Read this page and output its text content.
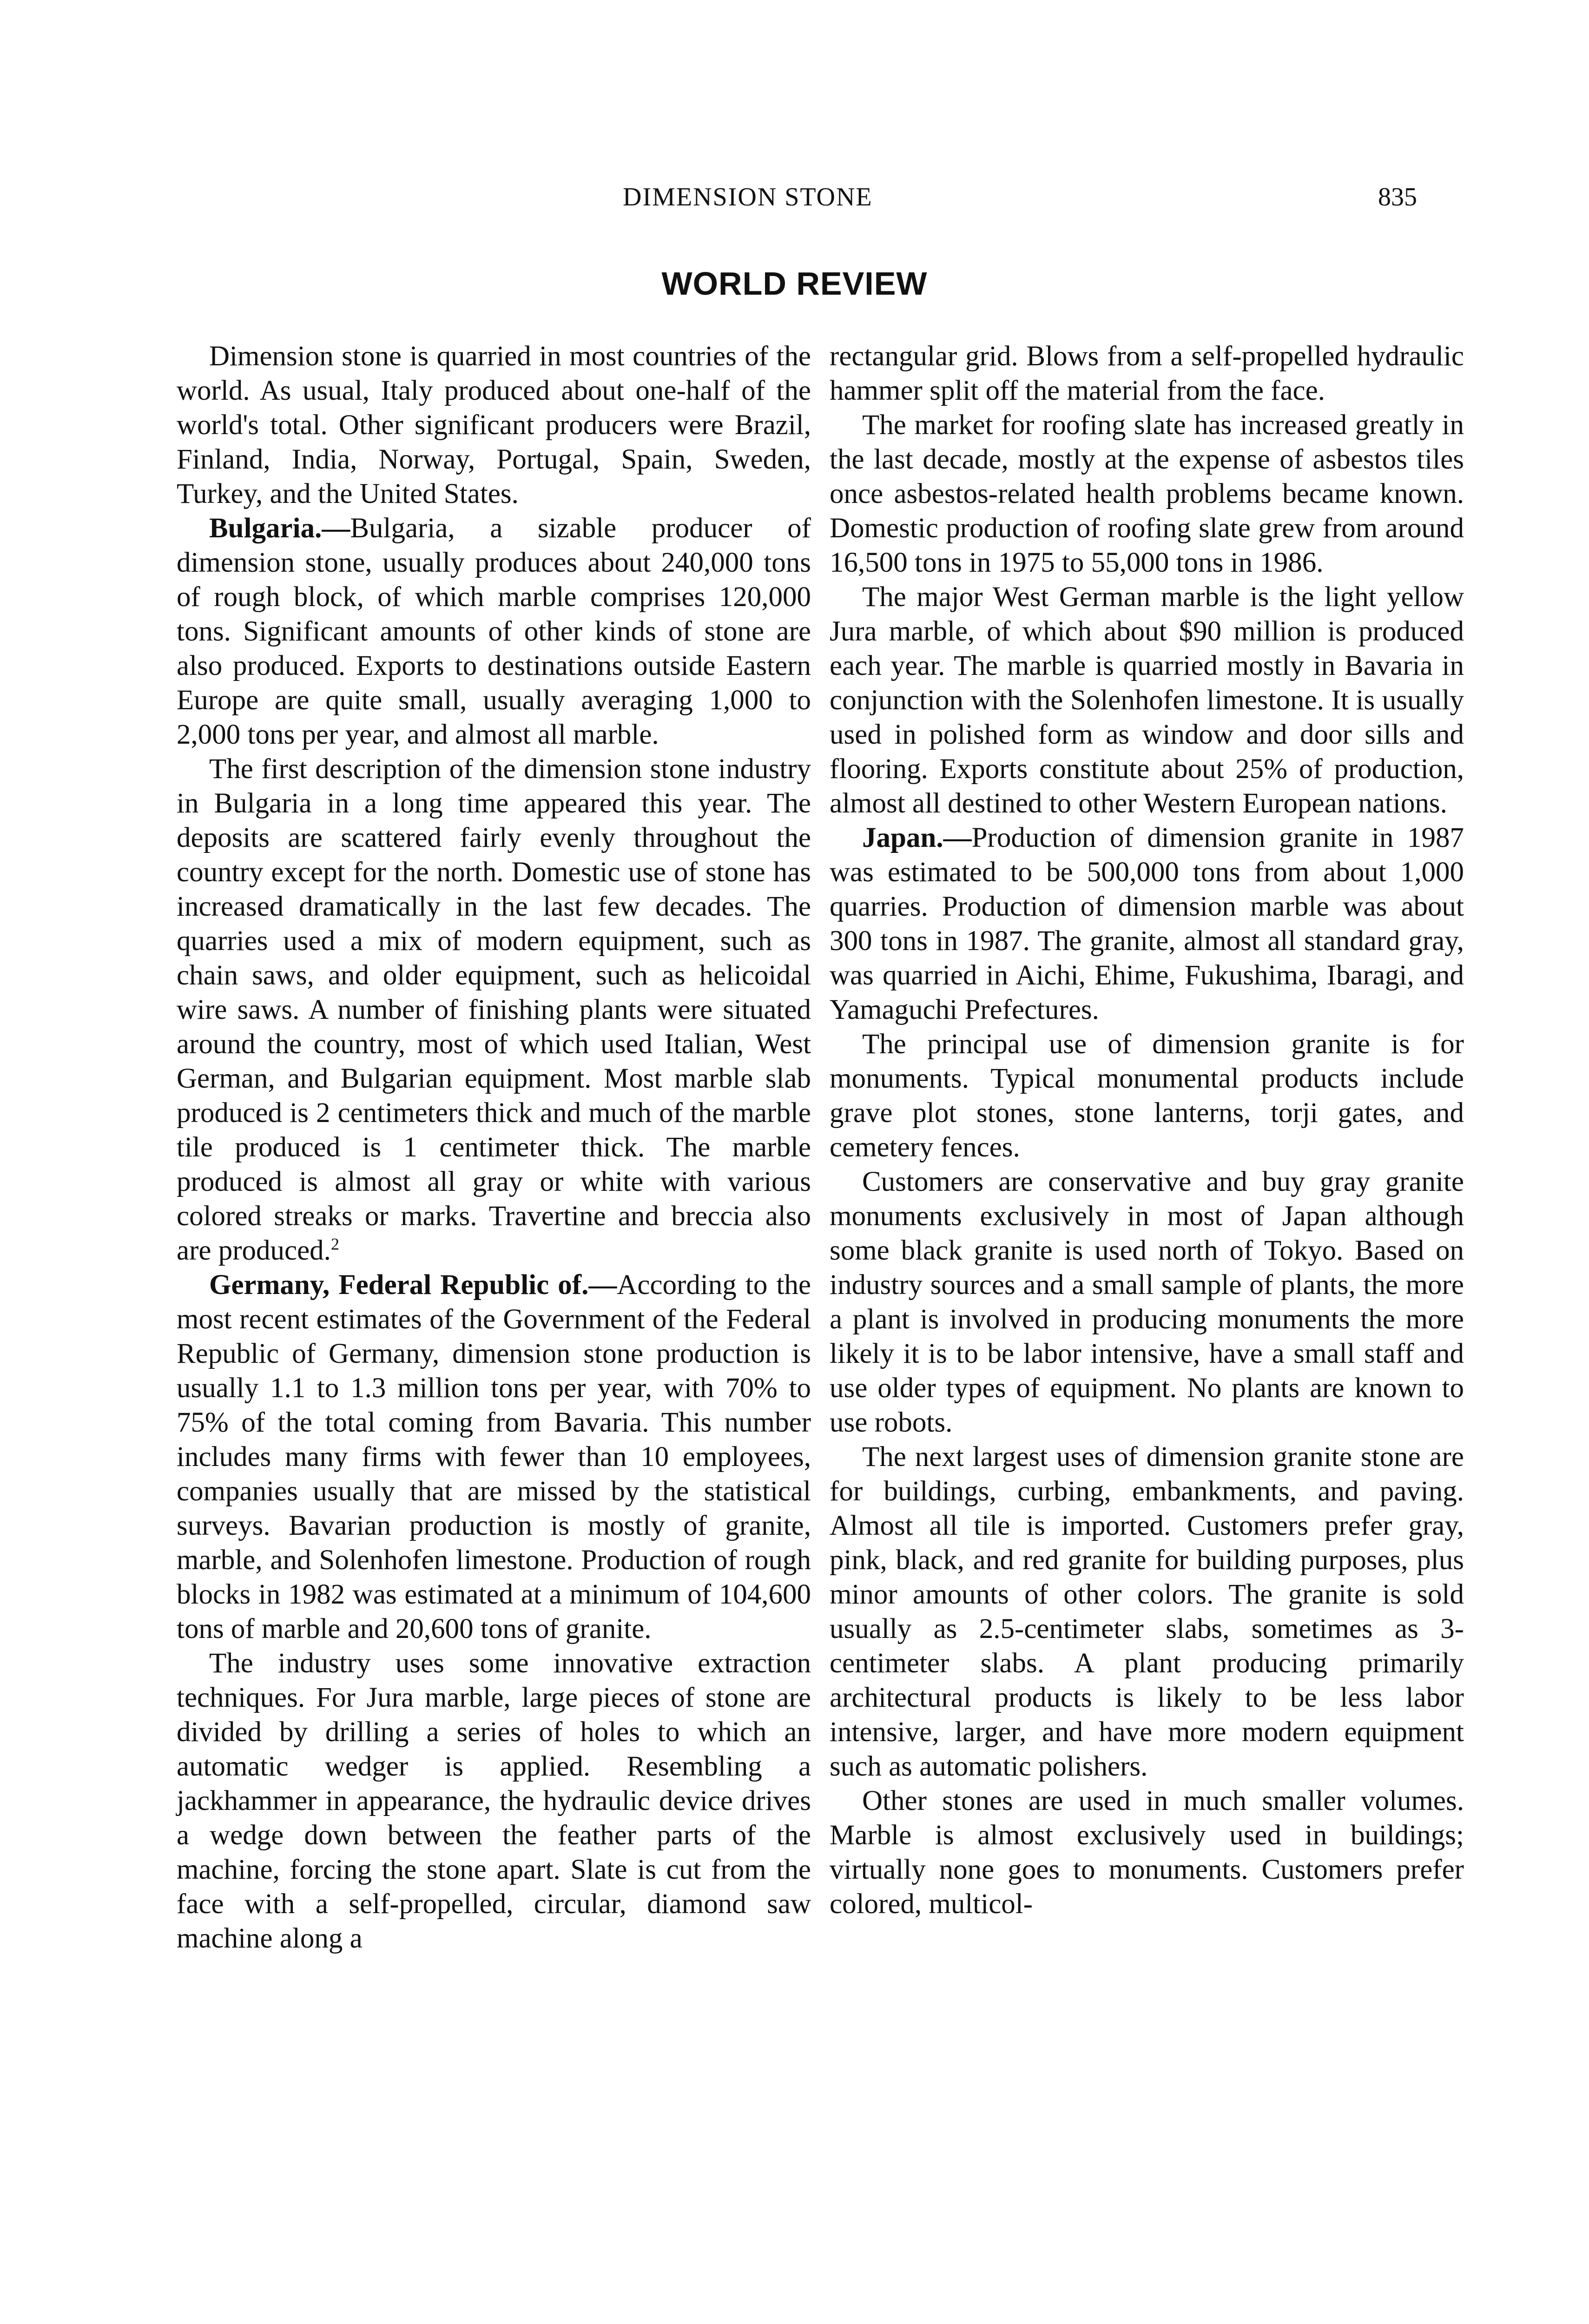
DIMENSION STONE	835
WORLD REVIEW

Dimension stone is quarried in most countries of the world. As usual, Italy produced about one-half of the world's total. Other significant producers were Brazil, Finland, India, Norway, Portugal, Spain, Sweden, Turkey, and the United States.

Bulgaria.—Bulgaria, a sizable producer of dimension stone, usually produces about 240,000 tons of rough block, of which marble comprises 120,000 tons. Significant amounts of other kinds of stone are also produced. Exports to destinations outside Eastern Europe are quite small, usually averaging 1,000 to 2,000 tons per year, and almost all marble.

The first description of the dimension stone industry in Bulgaria in a long time appeared this year. The deposits are scattered fairly evenly throughout the country except for the north. Domestic use of stone has increased dramatically in the last few decades. The quarries used a mix of modern equipment, such as chain saws, and older equipment, such as helicoidal wire saws. A number of finishing plants were situated around the country, most of which used Italian, West German, and Bulgarian equipment. Most marble slab produced is 2 centimeters thick and much of the marble tile produced is 1 centimeter thick. The marble produced is almost all gray or white with various colored streaks or marks. Travertine and breccia also are produced.$^2$

Germany, Federal Republic of.—According to the most recent estimates of the Government of the Federal Republic of Germany, dimension stone production is usually 1.1 to 1.3 million tons per year, with 70% to 75% of the total coming from Bavaria. This number includes many firms with fewer than 10 employees, companies usually that are missed by the statistical surveys. Bavarian production is mostly of granite, marble, and Solenhofen limestone. Production of rough blocks in 1982 was estimated at a minimum of 104,600 tons of marble and 20,600 tons of granite.

The industry uses some innovative extraction techniques. For Jura marble, large pieces of stone are divided by drilling a series of holes to which an automatic wedger is applied. Resembling a jackhammer in appearance, the hydraulic device drives a wedge down between the feather parts of the machine, forcing the stone apart. Slate is cut from the face with a self-propelled, circular, diamond saw machine along a

rectangular grid. Blows from a self-propelled hydraulic hammer split off the material from the face.

The market for roofing slate has increased greatly in the last decade, mostly at the expense of asbestos tiles once asbestos-related health problems became known. Domestic production of roofing slate grew from around 16,500 tons in 1975 to 55,000 tons in 1986.

The major West German marble is the light yellow Jura marble, of which about $90 million is produced each year. The marble is quarried mostly in Bavaria in conjunction with the Solenhofen limestone. It is usually used in polished form as window and door sills and flooring. Exports constitute about 25% of production, almost all destined to other Western European nations.

Japan.—Production of dimension granite in 1987 was estimated to be 500,000 tons from about 1,000 quarries. Production of dimension marble was about 300 tons in 1987. The granite, almost all standard gray, was quarried in Aichi, Ehime, Fukushima, Ibaragi, and Yamaguchi Prefectures.

The principal use of dimension granite is for monuments. Typical monumental products include grave plot stones, stone lanterns, torji gates, and cemetery fences.

Customers are conservative and buy gray granite monuments exclusively in most of Japan although some black granite is used north of Tokyo. Based on industry sources and a small sample of plants, the more a plant is involved in producing monuments the more likely it is to be labor intensive, have a small staff and use older types of equipment. No plants are known to use robots.

The next largest uses of dimension granite stone are for buildings, curbing, embankments, and paving. Almost all tile is imported. Customers prefer gray, pink, black, and red granite for building purposes, plus minor amounts of other colors. The granite is sold usually as 2.5-centimeter slabs, sometimes as 3-centimeter slabs. A plant producing primarily architectural products is likely to be less labor intensive, larger, and have more modern equipment such as automatic polishers.

Other stones are used in much smaller volumes. Marble is almost exclusively used in buildings; virtually none goes to monuments. Customers prefer colored, multicol-
